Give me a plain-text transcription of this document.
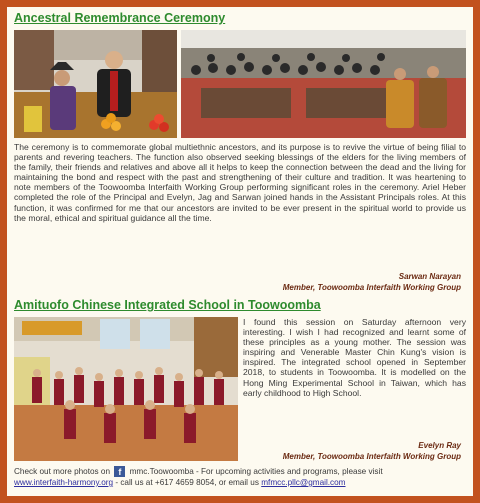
Ancestral Remembrance Ceremony
The ceremony is to commemorate global multiethnic ancestors, and its purpose is to revive the virtue of being filial to parents and revering teachers. The function also observed seeking blessings of the elders for the living members of the family, their friends and relatives and above all it helps to keep the connection between the dead and the living for maintaining the bond and respect with the past and strengthening of their culture and tradition. It was heartening to note members of the Toowoomba Interfaith Working Group performing significant roles in the ceremony. Ariel Heber completed the role of the Principal and Evelyn, Jag and Sarwan joined hands in the Assistant Principals roles. At this function, it was confirmed for me that our ancestors are invited to be ever present in the spiritual world to provide us the moral, ethical and spiritual guidance all the time.
Sarwan Narayan
Member, Toowoomba Interfaith Working Group
Amituofo Chinese Integrated School in Toowoomba
I found this session on Saturday afternoon very interesting. I wish I had recognized and learnt some of these principles as a young mother. The session was inspiring and Venerable Master Chin Kung's vision is inspired. The integrated school opened in September 2018, to students in Toowoomba. It is modelled on the Hong Ming Experimental School in Taiwan, which has early childhood to High School.
Evelyn Ray
Member, Toowoomba Interfaith Working Group
Check out more photos on f mmc.Toowoomba - For upcoming activities and programs, please visit
www.interfaith-harmony.org - call us at +617 4659 8054, or email us mfmcc.pllc@gmail.com
